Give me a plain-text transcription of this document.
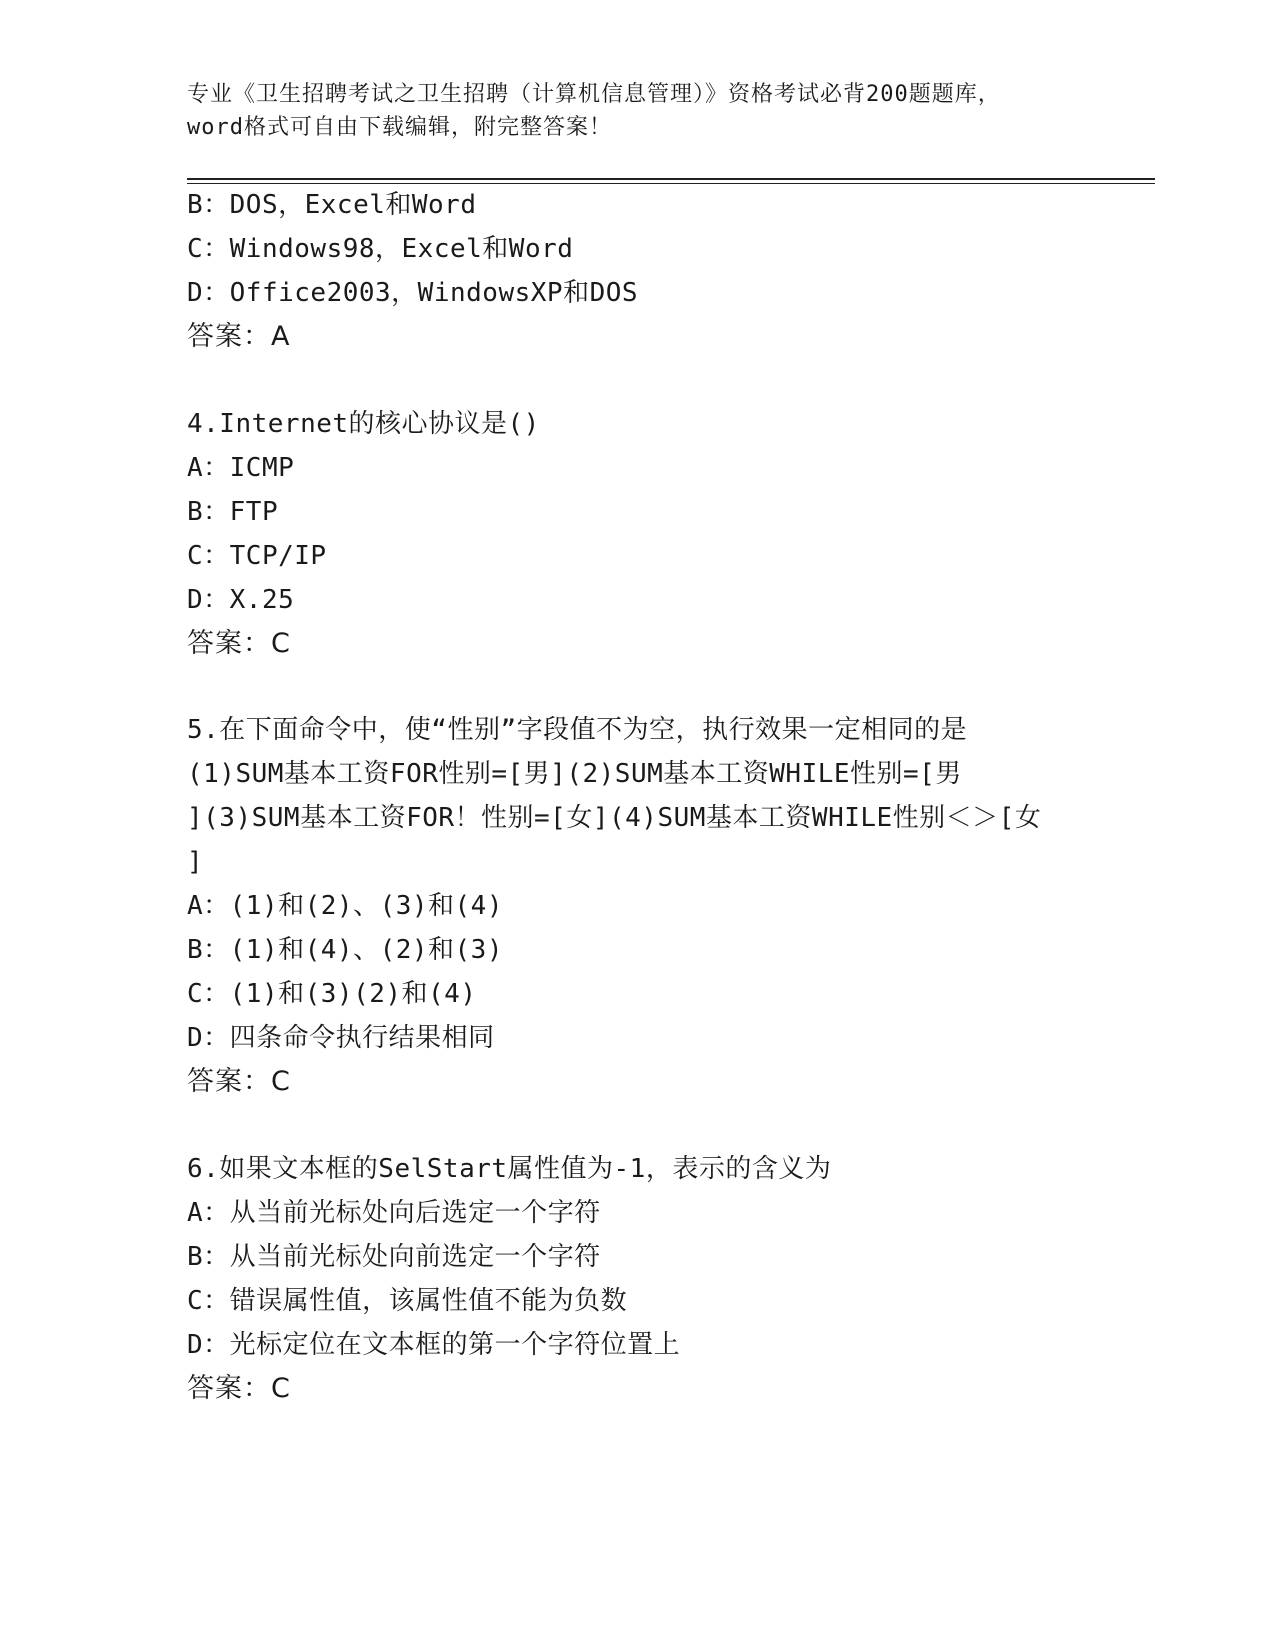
专业《卫生招聘考试之卫生招聘（计算机信息管理）》资格考试必背200题题库，
word格式可自由下载编辑，附完整答案！
B：DOS，Excel和Word
C：Windows98，Excel和Word
D：Office2003，WindowsXP和DOS
答案：A
4.Internet的核心协议是()
A：ICMP
B：FTP
C：TCP/IP
D：X.25
答案：C
5.在下面命令中，使“性别”字段值不为空，执行效果一定相同的是
(1)SUM基本工资FOR性别=[男](2)SUM基本工资WHILE性别=[男
](3)SUM基本工资FOR！性别=[女](4)SUM基本工资WHILE性别＜＞[女
]
A：(1)和(2)、(3)和(4)
B：(1)和(4)、(2)和(3)
C：(1)和(3)(2)和(4)
D：四条命令执行结果相同
答案：C
6.如果文本框的SelStart属性值为-1，表示的含义为
A：从当前光标处向后选定一个字符
B：从当前光标处向前选定一个字符
C：错误属性值，该属性值不能为负数
D：光标定位在文本框的第一个字符位置上
答案：C
